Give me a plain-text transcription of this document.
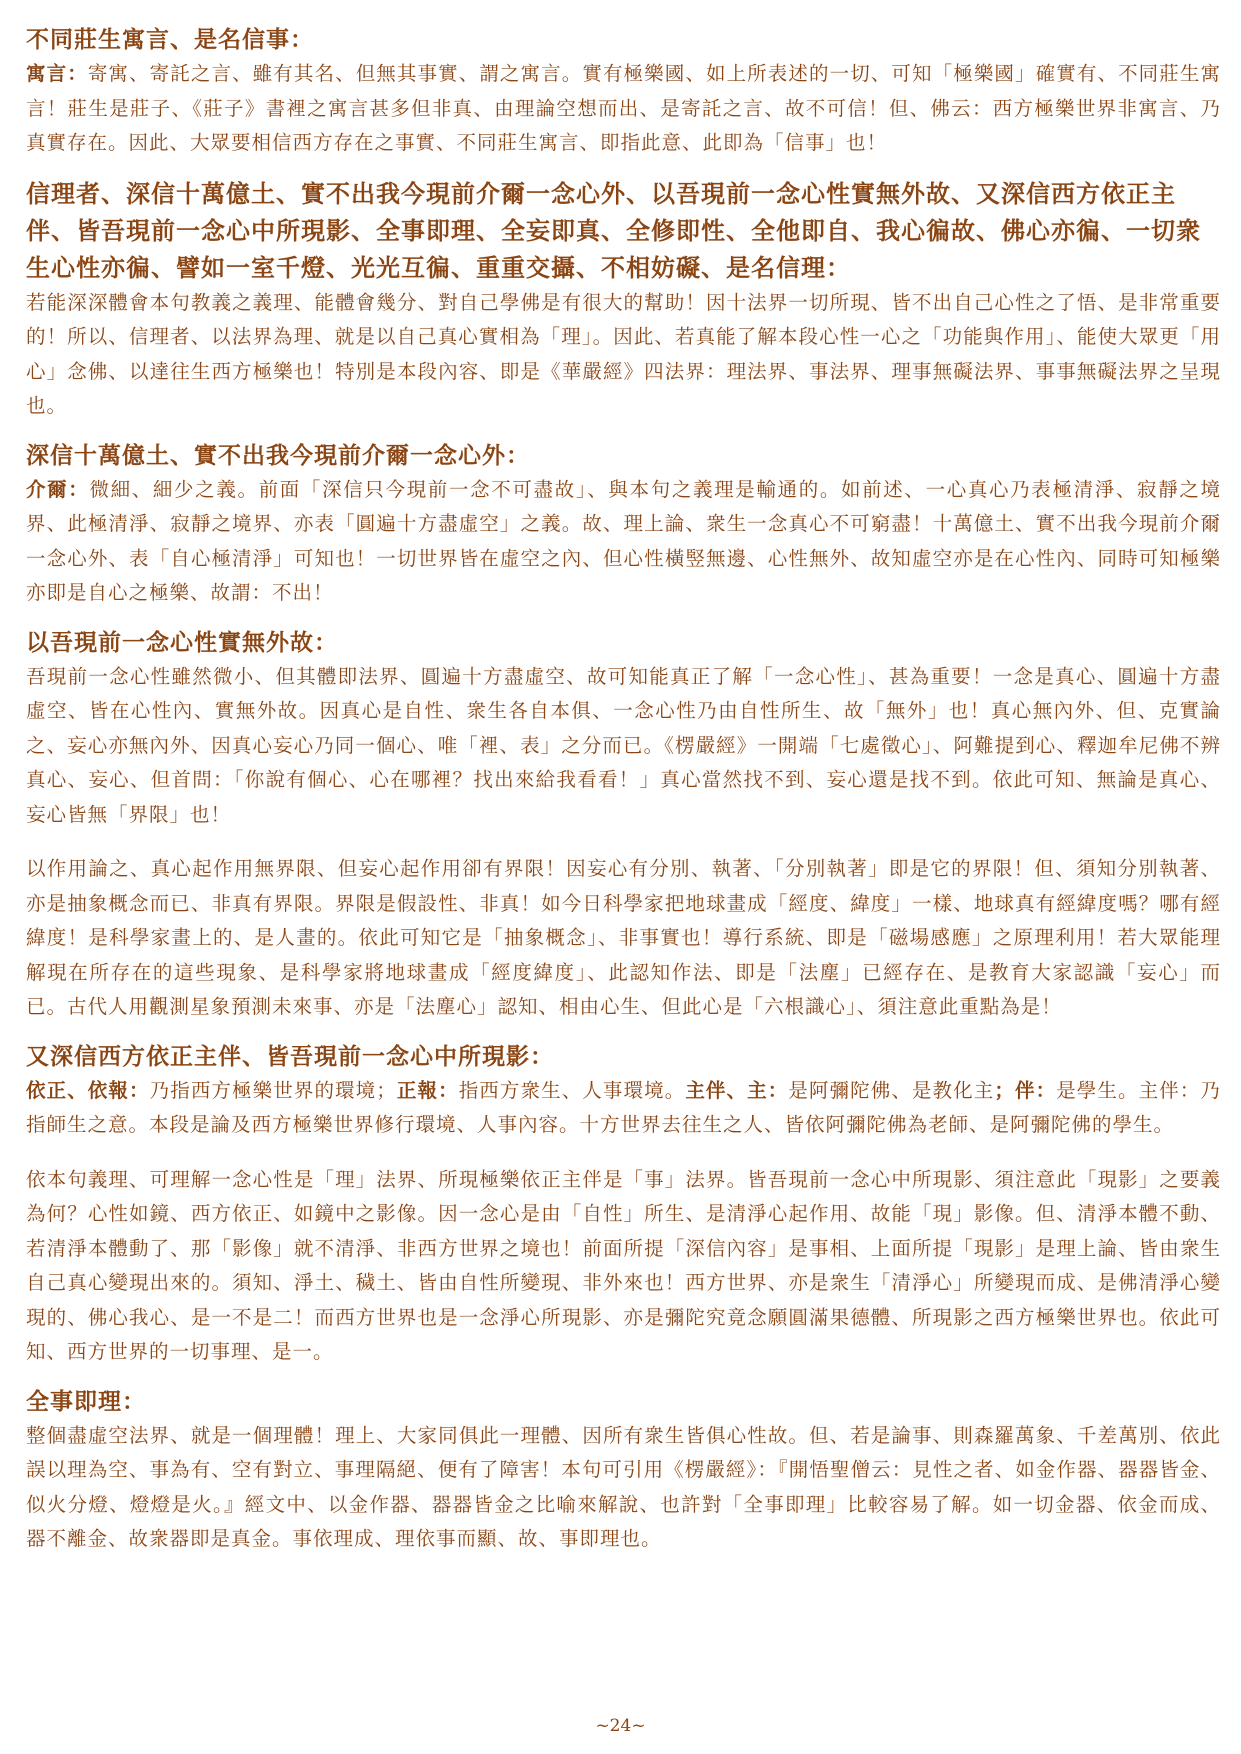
不同莊生寓言、是名信事：

寓言：寄寓、寄託之言、雖有其名、但無其事實、謂之寓言。實有極樂國、如上所表述的一切、可知「極樂國」確實有、不同莊生寓言！莊生是莊子、《莊子》書裡之寓言甚多但非真、由理論空想而出、是寄託之言、故不可信！但、佛云：西方極樂世界非寓言、乃真實存在。因此、大眾要相信西方存在之事實、不同莊生寓言、即指此意、此即為「信事」也！

信理者、深信十萬億土、實不出我今現前介爾一念心外、以吾現前一念心性實無外故、又深信西方依正主伴、皆吾現前一念心中所現影、全事即理、全妄即真、全修即性、全他即自、我心徧故、佛心亦徧、一切衆生心性亦徧、譬如一室千燈、光光互徧、重重交攝、不相妨礙、是名信理：

若能深深體會本句教義之義理、能體會幾分、對自己學佛是有很大的幫助！因十法界一切所現、皆不出自己心性之了悟、是非常重要的！所以、信理者、以法界為理、就是以自己真心實相為「理」。因此、若真能了解本段心性一心之「功能與作用」、能使大眾更「用心」念佛、以達往生西方極樂也！特別是本段內容、即是《華嚴經》四法界：理法界、事法界、理事無礙法界、事事無礙法界之呈現也。

深信十萬億土、實不出我今現前介爾一念心外：

介爾：微細、細少之義。前面「深信只今現前一念不可盡故」、與本句之義理是輸通的。如前述、一心真心乃表極清淨、寂靜之境界、此極清淨、寂靜之境界、亦表「圓遍十方盡虛空」之義。故、理上論、衆生一念真心不可窮盡！十萬億土、實不出我今現前介爾一念心外、表「自心極清淨」可知也！一切世界皆在虛空之內、但心性橫竪無邊、心性無外、故知虛空亦是在心性內、同時可知極樂亦即是自心之極樂、故謂：不出！

以吾現前一念心性實無外故：

吾現前一念心性雖然微小、但其體即法界、圓遍十方盡虛空、故可知能真正了解「一念心性」、甚為重要！一念是真心、圓遍十方盡虛空、皆在心性內、實無外故。因真心是自性、衆生各自本俱、一念心性乃由自性所生、故「無外」也！真心無內外、但、克實論之、妄心亦無內外、因真心妄心乃同一個心、唯「裡、表」之分而已。《楞嚴經》一開端「七處徵心」、阿難提到心、釋迦牟尼佛不辨真心、妄心、但首問：「你說有個心、心在哪裡？找出來給我看看！」真心當然找不到、妄心還是找不到。依此可知、無論是真心、妄心皆無「界限」也！

以作用論之、真心起作用無界限、但妄心起作用卻有界限！因妄心有分別、執著、「分別執著」即是它的界限！但、須知分別執著、亦是抽象概念而已、非真有界限。界限是假設性、非真！如今日科學家把地球畫成「經度、緯度」一樣、地球真有經緯度嗎？哪有經緯度！是科學家畫上的、是人畫的。依此可知它是「抽象概念」、非事實也！導行系統、即是「磁場感應」之原理利用！若大眾能理解現在所存在的這些現象、是科學家將地球畫成「經度緯度」、此認知作法、即是「法塵」已經存在、是教育大家認識「妄心」而已。古代人用觀測星象預測未來事、亦是「法塵心」認知、相由心生、但此心是「六根識心」、須注意此重點為是！

又深信西方依正主伴、皆吾現前一念心中所現影：

依正、依報：乃指西方極樂世界的環境；正報：指西方衆生、人事環境。主伴、主：是阿彌陀佛、是教化主；伴：是學生。主伴：乃指師生之意。本段是論及西方極樂世界修行環境、人事內容。十方世界去往生之人、皆依阿彌陀佛為老師、是阿彌陀佛的學生。

依本句義理、可理解一念心性是「理」法界、所現極樂依正主伴是「事」法界。皆吾現前一念心中所現影、須注意此「現影」之要義為何？心性如鏡、西方依正、如鏡中之影像。因一念心是由「自性」所生、是清淨心起作用、故能「現」影像。但、清淨本體不動、若清淨本體動了、那「影像」就不清淨、非西方世界之境也！前面所提「深信內容」是事相、上面所提「現影」是理上論、皆由衆生自己真心變現出來的。須知、淨土、穢土、皆由自性所變現、非外來也！西方世界、亦是衆生「清淨心」所變現而成、是佛清淨心變現的、佛心我心、是一不是二！而西方世界也是一念淨心所現影、亦是彌陀究竟念願圓滿果德體、所現影之西方極樂世界也。依此可知、西方世界的一切事理、是一。

全事即理：

整個盡虛空法界、就是一個理體！理上、大家同俱此一理體、因所有衆生皆俱心性故。但、若是論事、則森羅萬象、千差萬別、依此誤以理為空、事為有、空有對立、事理隔絕、便有了障害！本句可引用《楞嚴經》：『開悟聖僧云：見性之者、如金作器、器器皆金、似火分燈、燈燈是火。』經文中、以金作器、器器皆金之比喻來解說、也許對「全事即理」比較容易了解。如一切金器、依金而成、器不離金、故衆器即是真金。事依理成、理依事而顯、故、事即理也。

~24~
